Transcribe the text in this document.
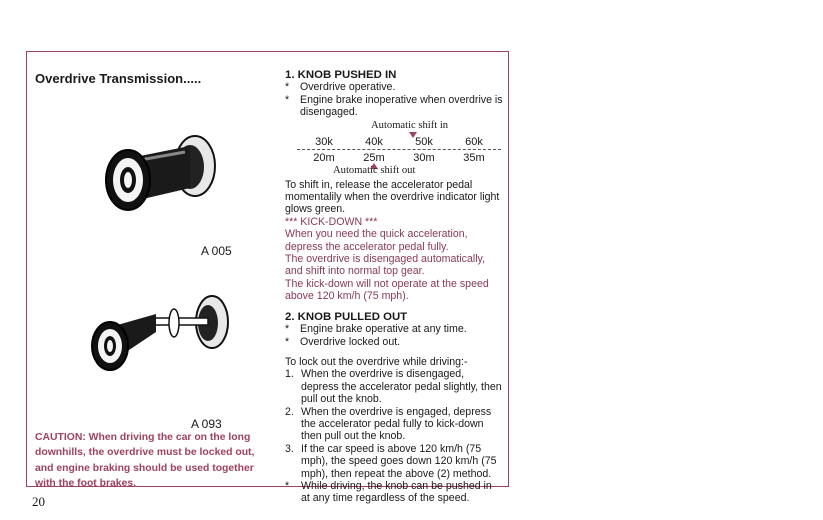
Overdrive Transmission.....
A 005
A 093
CAUTION: When driving the car on the long downhills, the overdrive must be locked out, and engine braking should be used together with the foot brakes.
20
1. KNOB PUSHED IN
* Overdrive operative.
* Engine brake inoperative when overdrive is disengaged.
Automatic shift in
30k	40k	50k	60k
20m	25m	30m	35m
Automatic shift out
To shift in, release the accelerator pedal momentalily when the overdrive indicator light glows green.
*** KICK-DOWN ***
When you need the quick acceleration, depress the accelerator pedal fully.
The overdrive is disengaged automatically, and shift into normal top gear.
The kick-down will not operate at the speed above 120 km/h (75 mph).
2. KNOB PULLED OUT
* Engine brake operative at any time.
* Overdrive locked out.
To lock out the overdrive while driving:-
1. When the overdrive is disengaged, depress the accelerator pedal slightly, then pull out the knob.
2. When the overdrive is engaged, depress the accelerator pedal fully to kick-down then pull out the knob.
3. If the car speed is above 120 km/h (75 mph), the speed goes down 120 km/h (75 mph), then repeat the above (2) method.
* While driving, the knob can be pushed in at any time regardless of the speed.
